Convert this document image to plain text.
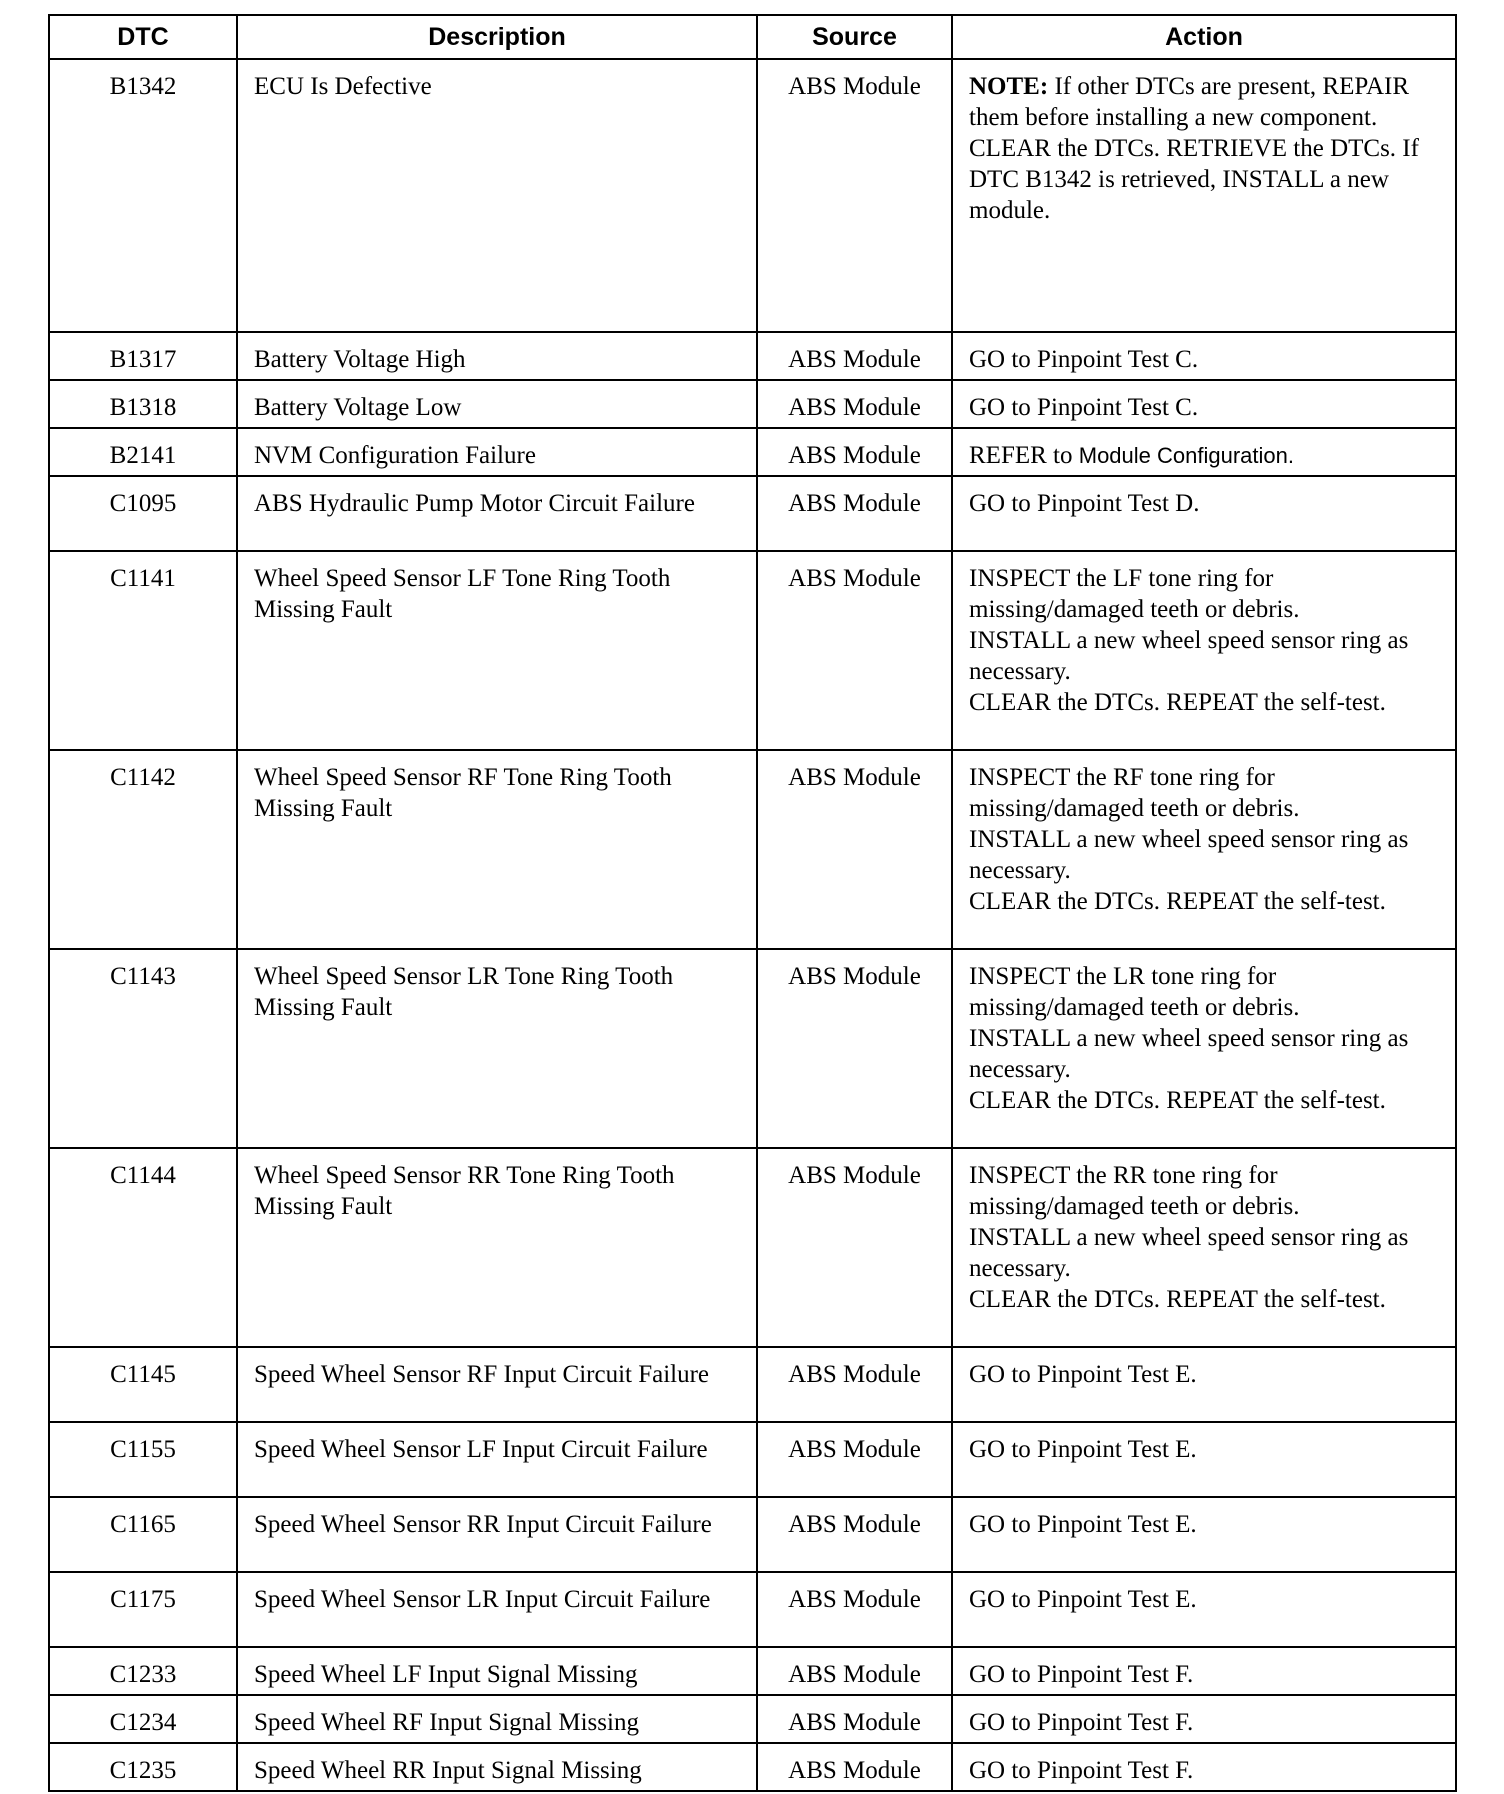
DTC	Description	Source	Action
B1342	ECU Is Defective	ABS Module	NOTE: If other DTCs are present, REPAIR them before installing a new component.
CLEAR the DTCs. RETRIEVE the DTCs. If DTC B1342 is retrieved, INSTALL a new module.

B1317	Battery Voltage High	ABS Module	GO to Pinpoint Test C.
B1318	Battery Voltage Low	ABS Module	GO to Pinpoint Test C.
B2141	NVM Configuration Failure	ABS Module	REFER to Module Configuration.
C1095	ABS Hydraulic Pump Motor Circuit Failure	ABS Module	GO to Pinpoint Test D.
C1141	Wheel Speed Sensor LF Tone Ring Tooth Missing Fault	ABS Module	INSPECT the LF tone ring for missing/damaged teeth or debris.
INSTALL a new wheel speed sensor ring as necessary.
CLEAR the DTCs. REPEAT the self-test.

C1142	Wheel Speed Sensor RF Tone Ring Tooth Missing Fault	ABS Module	INSPECT the RF tone ring for missing/damaged teeth or debris.
INSTALL a new wheel speed sensor ring as necessary.
CLEAR the DTCs. REPEAT the self-test.

C1143	Wheel Speed Sensor LR Tone Ring Tooth Missing Fault	ABS Module	INSPECT the LR tone ring for missing/damaged teeth or debris.
INSTALL a new wheel speed sensor ring as necessary.
CLEAR the DTCs. REPEAT the self-test.

C1144	Wheel Speed Sensor RR Tone Ring Tooth Missing Fault	ABS Module	INSPECT the RR tone ring for missing/damaged teeth or debris.
INSTALL a new wheel speed sensor ring as necessary.
CLEAR the DTCs. REPEAT the self-test.

C1145	Speed Wheel Sensor RF Input Circuit Failure	ABS Module	GO to Pinpoint Test E.
C1155	Speed Wheel Sensor LF Input Circuit Failure	ABS Module	GO to Pinpoint Test E.
C1165	Speed Wheel Sensor RR Input Circuit Failure	ABS Module	GO to Pinpoint Test E.
C1175	Speed Wheel Sensor LR Input Circuit Failure	ABS Module	GO to Pinpoint Test E.
C1233	Speed Wheel LF Input Signal Missing	ABS Module	GO to Pinpoint Test F.
C1234	Speed Wheel RF Input Signal Missing	ABS Module	GO to Pinpoint Test F.
C1235	Speed Wheel RR Input Signal Missing	ABS Module	GO to Pinpoint Test F.
